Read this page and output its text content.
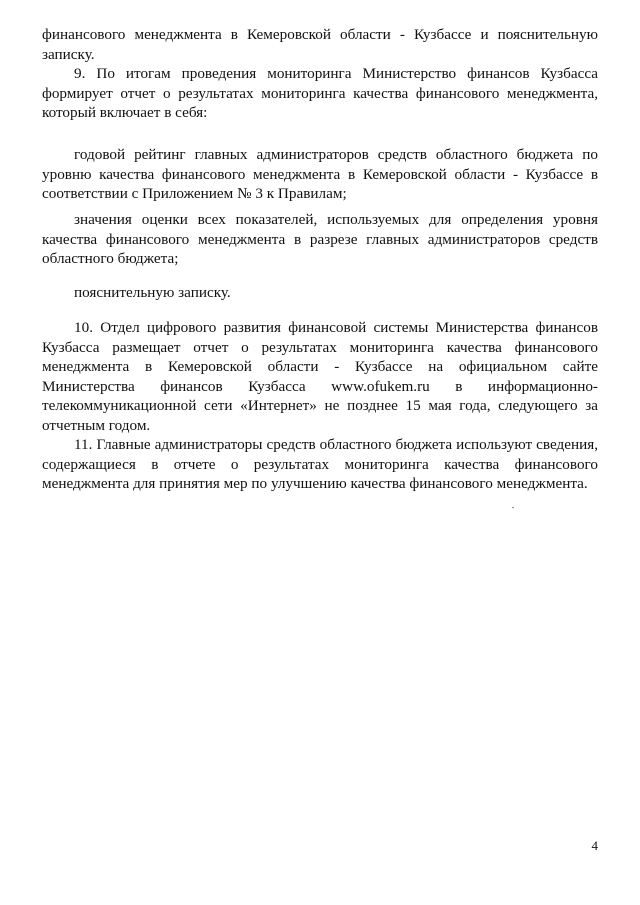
финансового менеджмента в Кемеровской области - Кузбассе и пояснительную записку.

9. По итогам проведения мониторинга Министерство финансов Кузбасса формирует отчет о результатах мониторинга качества финансового менеджмента, который включает в себя:

годовой рейтинг главных администраторов средств областного бюджета по уровню качества финансового менеджмента в Кемеровской области - Кузбассе в соответствии с Приложением № 3 к Правилам;

значения оценки всех показателей, используемых для определения уровня качества финансового менеджмента в разрезе главных администраторов средств областного бюджета;

пояснительную записку.

10. Отдел цифрового развития финансовой системы Министерства финансов Кузбасса размещает отчет о результатах мониторинга качества финансового менеджмента в Кемеровской области - Кузбассе на официальном сайте Министерства финансов Кузбасса www.ofukem.ru в информационно-телекоммуникационной сети «Интернет» не позднее 15 мая года, следующего за отчетным годом.

11. Главные администраторы средств областного бюджета используют сведения, содержащиеся в отчете о результатах мониторинга качества финансового менеджмента для принятия мер по улучшению качества финансового менеджмента.

4
